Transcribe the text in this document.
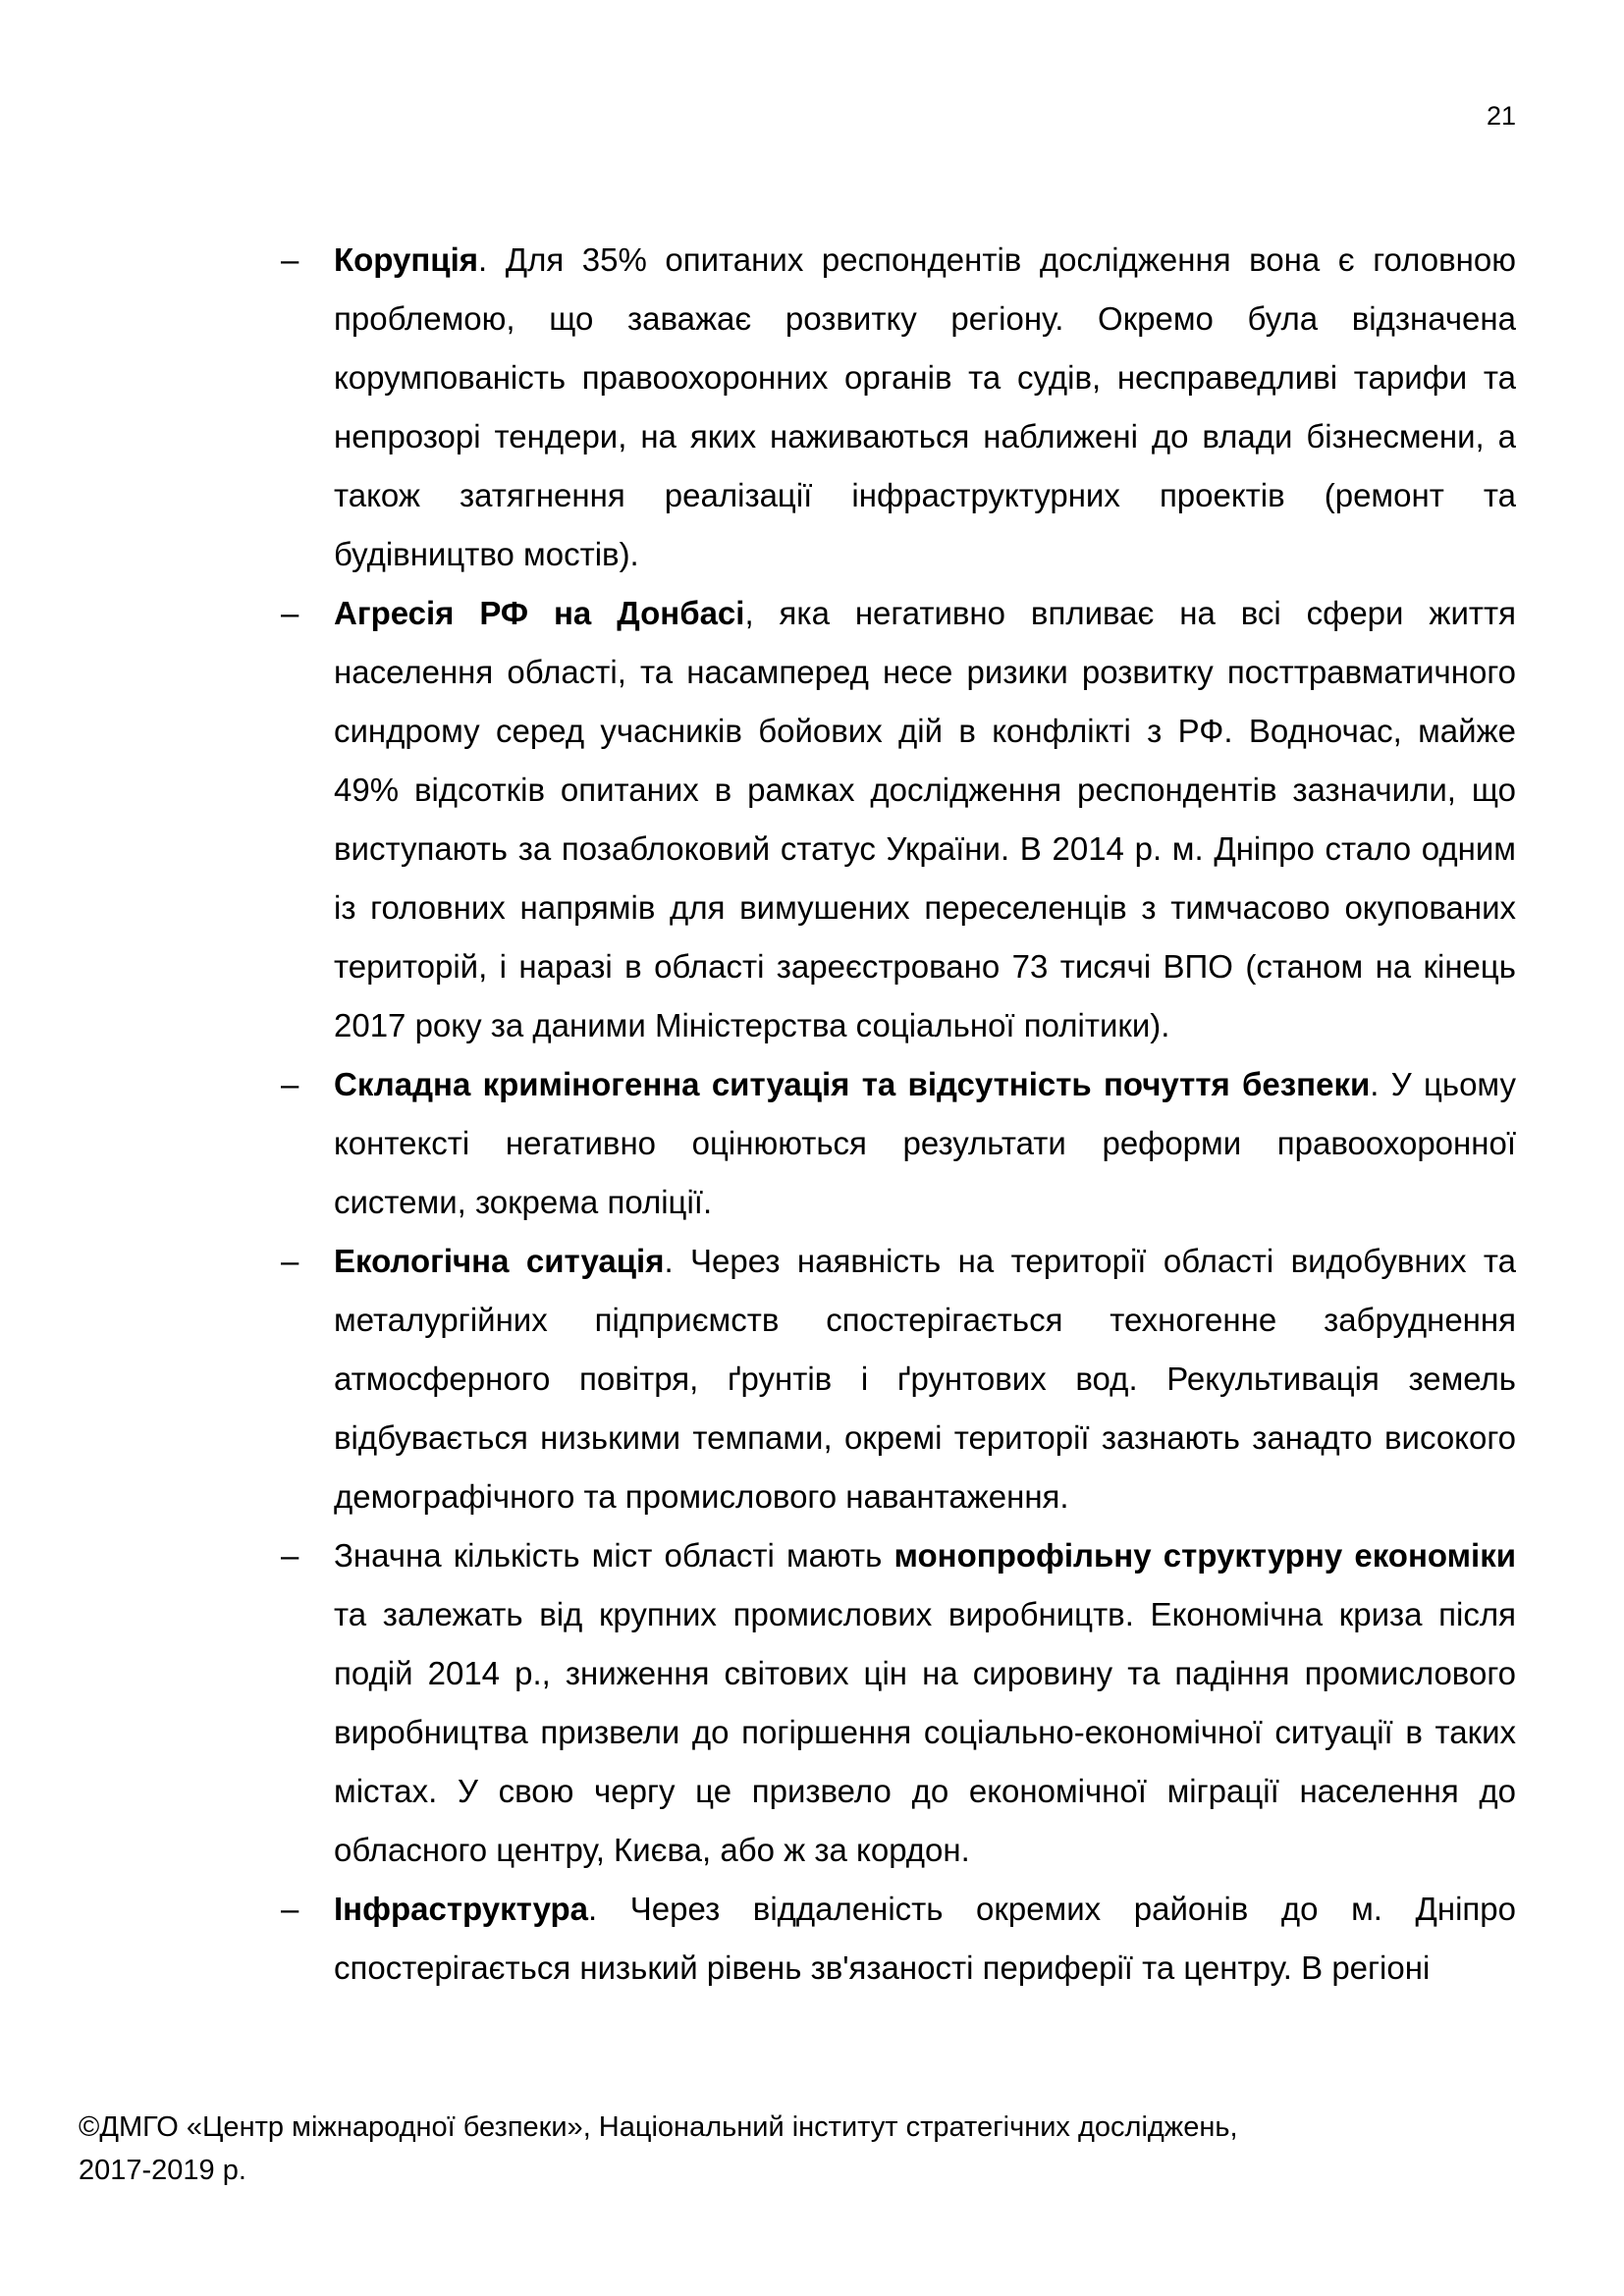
21

– Корупція. Для 35% опитаних респондентів дослідження вона є головною проблемою, що заважає розвитку регіону. Окремо була відзначена корумпованість правоохоронних органів та судів, несправедливі тарифи та непрозорі тендери, на яких наживаються наближені до влади бізнесмени, а також затягнення реалізації інфраструктурних проектів (ремонт та будівництво мостів).

– Агресія РФ на Донбасі, яка негативно впливає на всі сфери життя населення області, та насамперед несе ризики розвитку посттравматичного синдрому серед учасників бойових дій в конфлікті з РФ. Водночас, майже 49% відсотків опитаних в рамках дослідження респондентів зазначили, що виступають за позаблоковий статус України. В 2014 р. м. Дніпро стало одним із головних напрямів для вимушених переселенців з тимчасово окупованих територій, і наразі в області зареєстровано 73 тисячі ВПО (станом на кінець 2017 року за даними Міністерства соціальної політики).

– Складна криміногенна ситуація та відсутність почуття безпеки. У цьому контексті негативно оцінюються результати реформи правоохоронної системи, зокрема поліції.

– Екологічна ситуація. Через наявність на території області видобувних та металургійних підприємств спостерігається техногенне забруднення атмосферного повітря, ґрунтів і ґрунтових вод. Рекультивація земель відбувається низькими темпами, окремі території зазнають занадто високого демографічного та промислового навантаження.

– Значна кількість міст області мають монопрофільну структурну економіки та залежать від крупних промислових виробництв. Економічна криза після подій 2014 р., зниження світових цін на сировину та падіння промислового виробництва призвели до погіршення соціально-економічної ситуації в таких містах. У свою чергу це призвело до економічної міграції населення до обласного центру, Києва, або ж за кордон.

– Інфраструктура. Через віддаленість окремих районів до м. Дніпро спостерігається низький рівень зв'язаності периферії та центру. В регіоні

©ДМГО «Центр міжнародної безпеки», Національний інститут стратегічних досліджень,
2017-2019 р.
